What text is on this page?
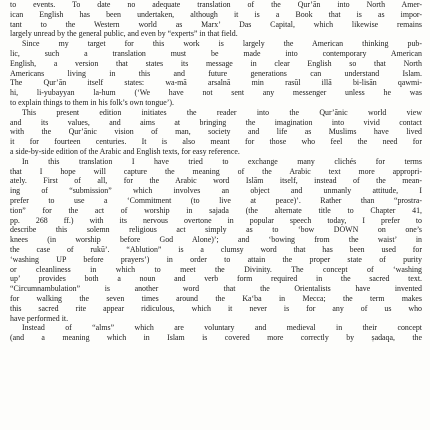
to events. To date no adequate translation of the Qur’ān into North Amer-
ican English has been undertaken, although it is a Book that is as impor-
tant to the Western world as Marx’ Das Capital, which likewise remains
largely unread by the general public, and even by “experts” in that field.
Since my target for this work is largely the American thinking pub-
lic, such a translation must be made into contemporary American
English, a version that states its message in clear English so that North
Americans living in this and future generations can understand Islam.
The Qur’ān itself states: wa-mā arsalnā min rasūl illā bi-lisān qawmi-
hi, li-yubayyan la-hum (‘We have not sent any messenger unless he was
to explain things to them in his folk’s own tongue’).
This present edition initiates the reader into the Qur’ānic world view
and its values, and aims at bringing the imagination into vivid contact
with the Qur’ānic vision of man, society and life as Muslims have lived
it for fourteen centuries. It is also meant for those who feel the need for
a side-by-side edition of the Arabic and English texts, for easy reference.
In this translation I have tried to exchange many clichés for terms
that I hope will capture the meaning of the Arabic text more appropri-
ately. First of all, for the Arabic word Islām itself, instead of the mean-
ing of “submission” which involves an object and unmanly attitude, I
prefer to use a ‘Commitment (to live at peace)’. Rather than “prostra-
tion” for the act of worship in sajada (the alternate title to Chapter 41,
pp. 268 ff.) with its nervous overtone in popular speech today, I prefer to
describe this solemn religious act simply as to ‘bow DOWN on one’s
knees (in worship before God Alone)’; and ‘bowing from the waist’ in
the case of rukū’. “Ablution” is a clumsy word that has been used for
‘washing UP before prayers’) in order to attain the proper state of purity
or cleanliness in which to meet the Divinity. The concept of ‘washing
up’ provides both a noun and verb form required in the sacred text.
“Circumnambulation” is another word that the Orientalists have invented
for walking the seven times around the Ka‘ba in Mecca; the term makes
this sacred rite appear ridiculous, which it never is for any of us who
have performed it.
Instead of “alms” which are voluntary and medieval in their concept
(and a meaning which in Islam is covered more correctly by ṣadaqa, the
